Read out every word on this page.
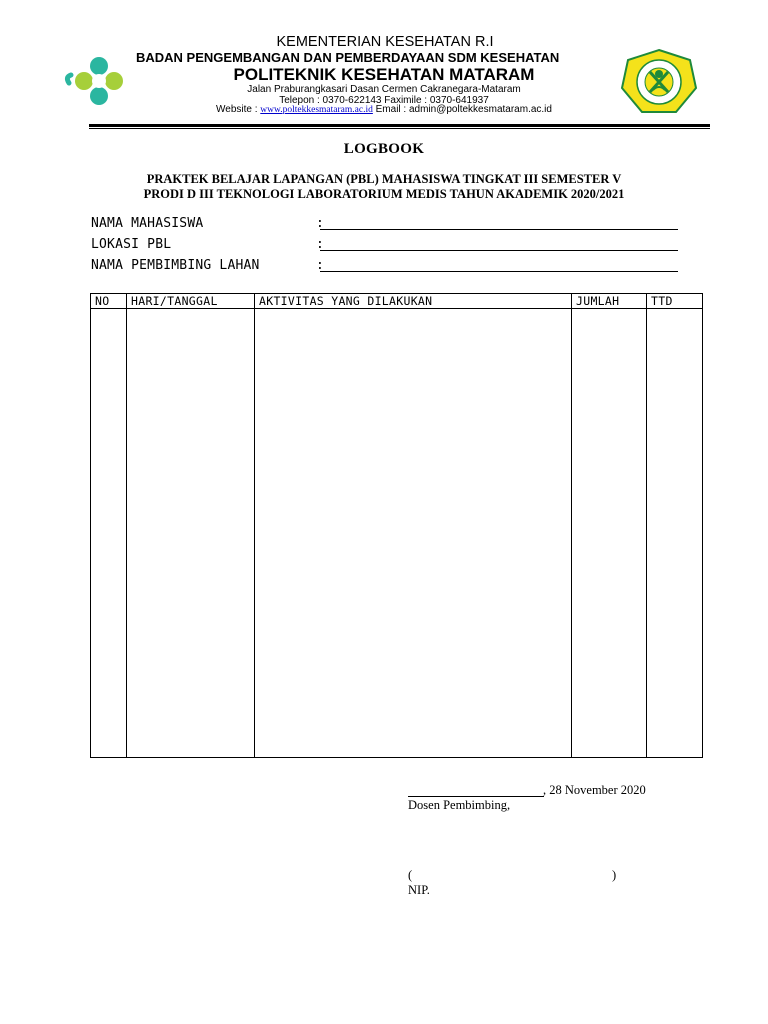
KEMENTERIAN KESEHATAN R.I
BADAN PENGEMBANGAN DAN PEMBERDAYAAN SDM KESEHATAN
POLITEKNIK KESEHATAN MATARAM
Jalan Praburangkasari Dasan Cermen Cakranegara-Mataram
Telepon : 0370-622143 Faximile : 0370-641937
Website : www.poltekkesmataram.ac.id Email : admin@poltekkesmataram.ac.id
LOGBOOK
PRAKTEK BELAJAR LAPANGAN (PBL) MAHASISWA TINGKAT III SEMESTER V
PRODI D III TEKNOLOGI LABORATORIUM MEDIS TAHUN AKADEMIK 2020/2021
NAMA MAHASISWA	:
LOKASI PBL	:
NAMA PEMBIMBING LAHAN	:
NO	HARI/TANGGAL	AKTIVITAS YANG DILAKUKAN	JUMLAH	TTD

, 28 November 2020
Dosen Pembimbing,
(	)
NIP.
